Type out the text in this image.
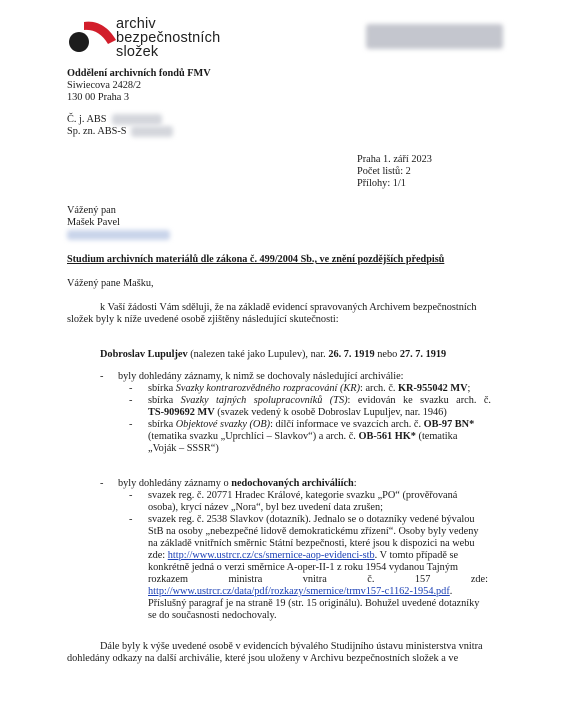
archiv
bezpečnostních
složek
Oddělení archivních fondů FMV
Siwiecova 2428/2
130 00 Praha 3
Č. j. ABS
Sp. zn. ABS-S
Praha 1. září 2023
Počet listů: 2
Přílohy: 1/1
Vážený pan
Mašek Pavel
Studium archivních materiálů dle zákona č. 499/2004 Sb., ve znění pozdějších předpisů
Vážený pane Mašku,
k Vaší žádosti Vám sděluji, že na základě evidencí spravovaných Archivem bezpečnostních
složek byly k níže uvedené osobě zjištěny následující skutečnosti:
Dobroslav Lupuljev (nalezen také jako Lupulev), nar. 26. 7. 1919 nebo 27. 7. 1919
- byly dohledány záznamy, k nimž se dochovaly následující archiválie:
- sbírka Svazky kontrarozvědného rozpracování (KR): arch. č. KR-955042 MV;
- sbírka Svazky tajných spolupracovníků (TS): evidován ke svazku arch. č.
TS-909692 MV (svazek vedený k osobě Dobroslav Lupuljev, nar. 1946)
- sbírka Objektové svazky (OB): dílčí informace ve svazcích arch. č. OB-97 BN*
(tematika svazku „Uprchlíci – Slavkov“) a arch. č. OB-561 HK* (tematika
„Voják – SSSR“)
- byly dohledány záznamy o nedochovaných archiváliích:
- svazek reg. č. 20771 Hradec Králové, kategorie svazku „PO“ (prověřovaná
osoba), krycí název „Nora“, byl bez uvedení data zrušen;
- svazek reg. č. 2538 Slavkov (dotazník). Jednalo se o dotazníky vedené bývalou
StB na osoby „nebezpečné lidově demokratickému zřízení“. Osoby byly vedeny
na základě vnitřních směrnic Státní bezpečnosti, které jsou k dispozici na webu
zde: http://www.ustrcr.cz/cs/smernice-aop-evidenci-stb. V tomto případě se
konkrétně jedná o verzi směrnice A-oper-II-1 z roku 1954 vydanou Tajným
rozkazem	ministra	vnitra	č.	157	zde:
http://www.ustrcr.cz/data/pdf/rozkazy/smernice/trmv157-c1162-1954.pdf.
Příslušný paragraf je na straně 19 (str. 15 originálu). Bohužel uvedené dotazníky
se do současnosti nedochovaly.
Dále byly k výše uvedené osobě v evidencích bývalého Studijního ústavu ministerstva vnitra
dohledány odkazy na další archiválie, které jsou uloženy v Archivu bezpečnostních složek a ve
